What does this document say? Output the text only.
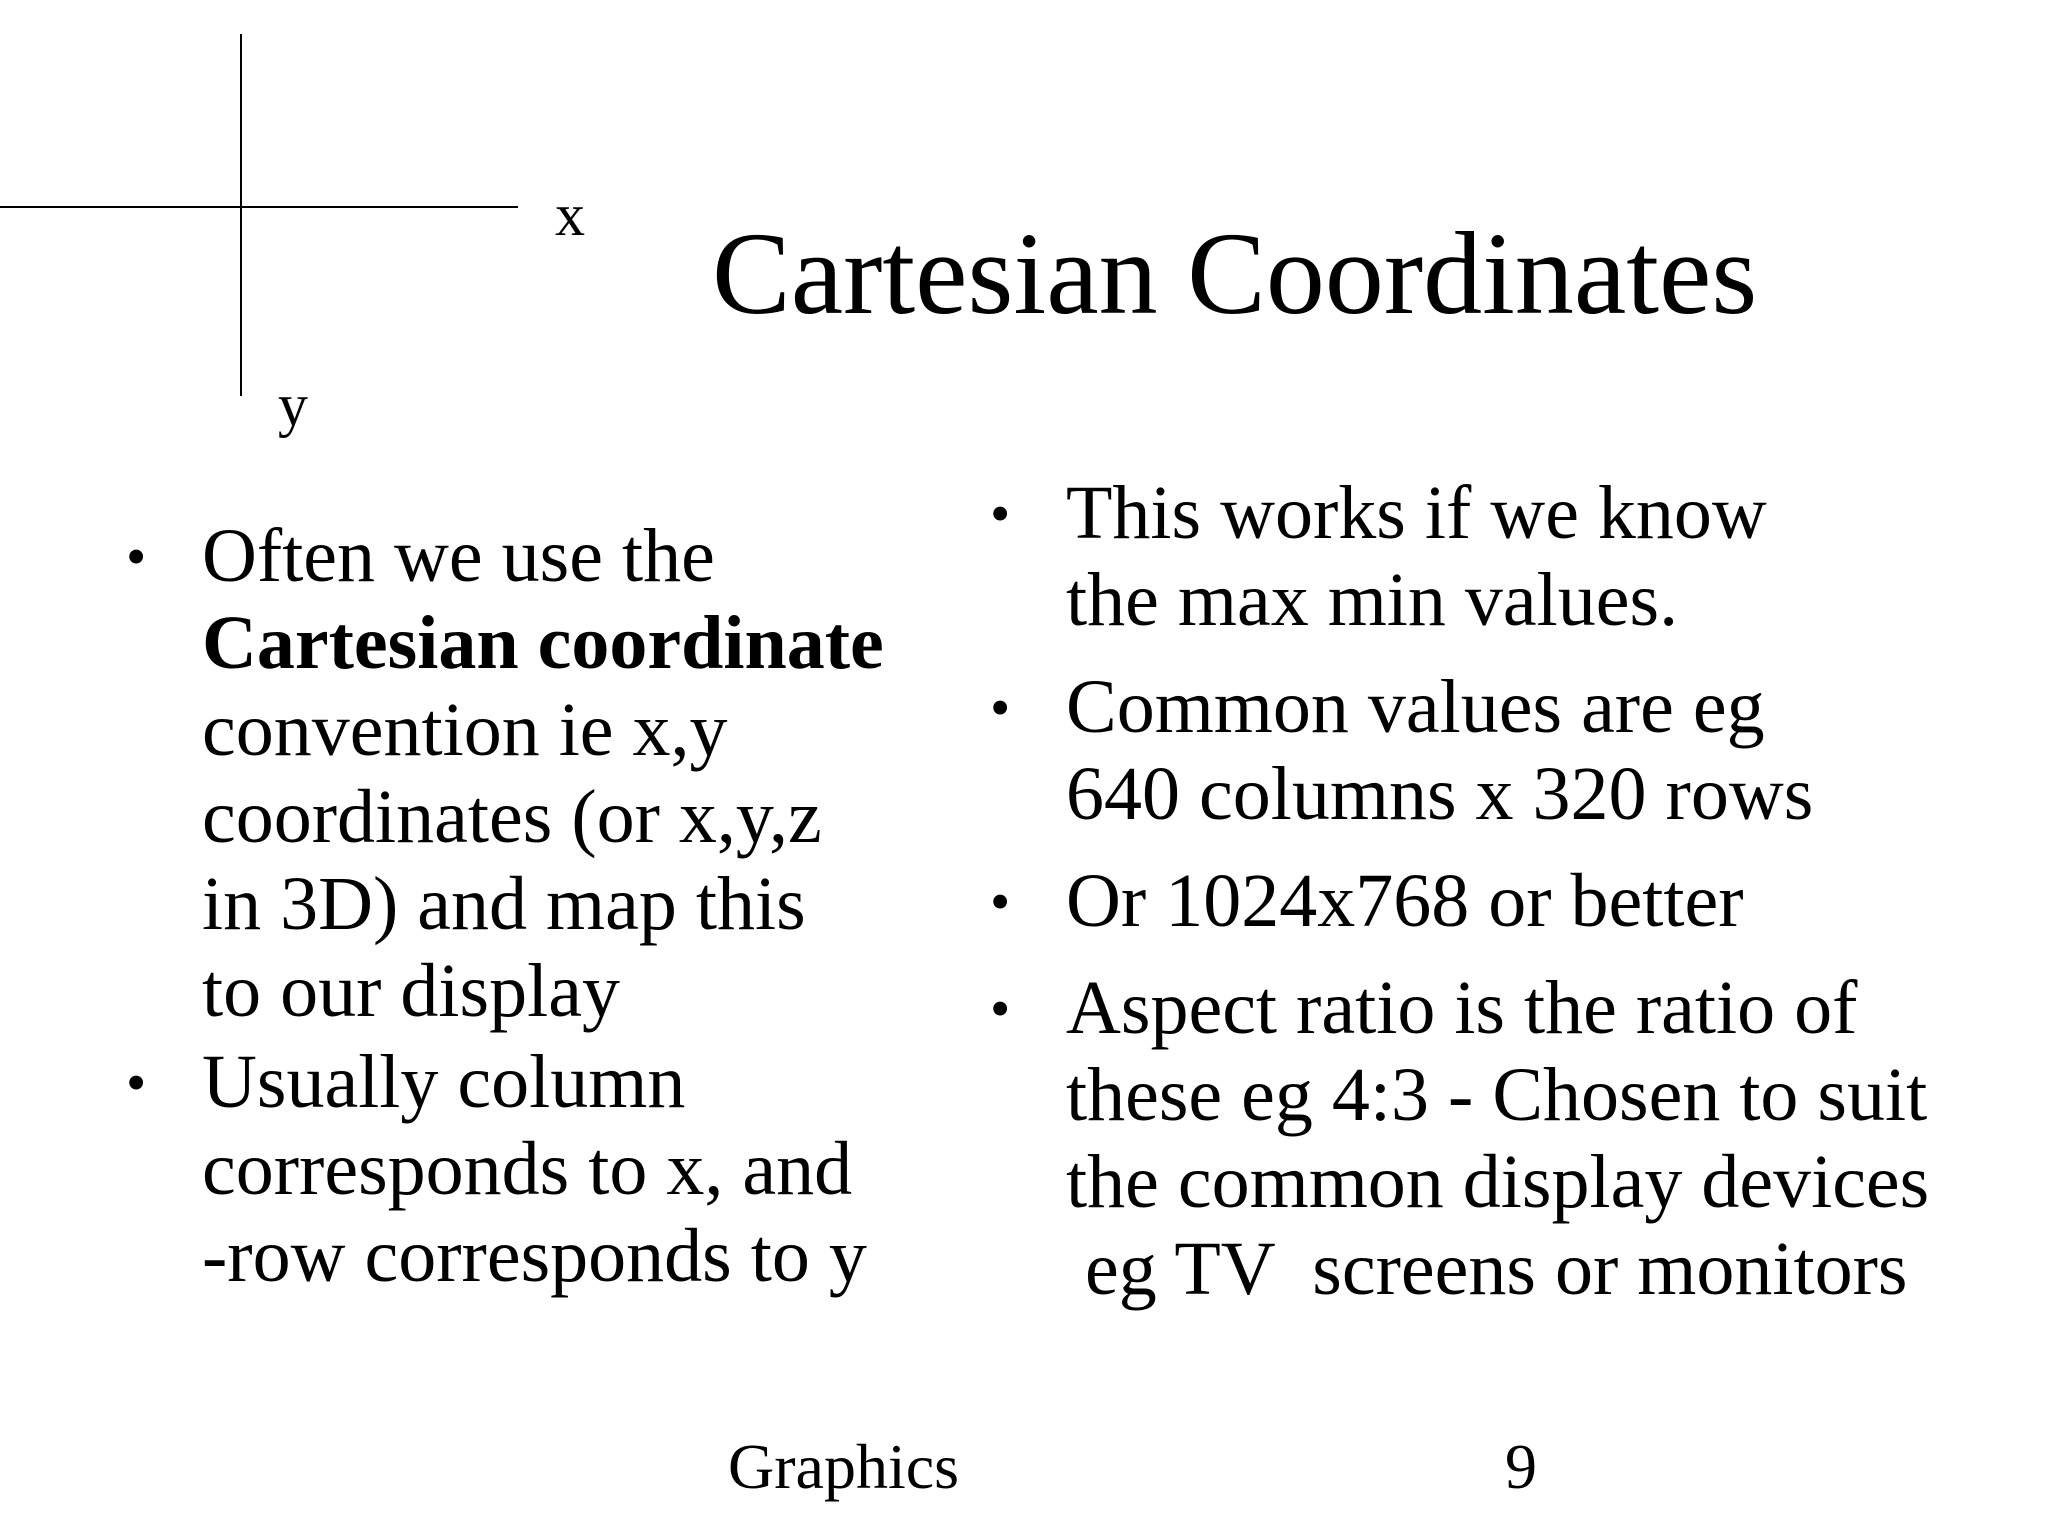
x
y
Cartesian Coordinates
• Often we use the
Cartesian coordinate
convention ie x,y
coordinates (or x,y,z
in 3D) and map this
to our display
• Usually column
corresponds to x, and
-row corresponds to y
• This works if we know
the max min values.
• Common values are eg
640 columns x 320 rows
• Or 1024x768 or better
• Aspect ratio is the ratio of
these eg 4:3 - Chosen to suit
the common display devices
eg TV  screens or monitors
Graphics	9
